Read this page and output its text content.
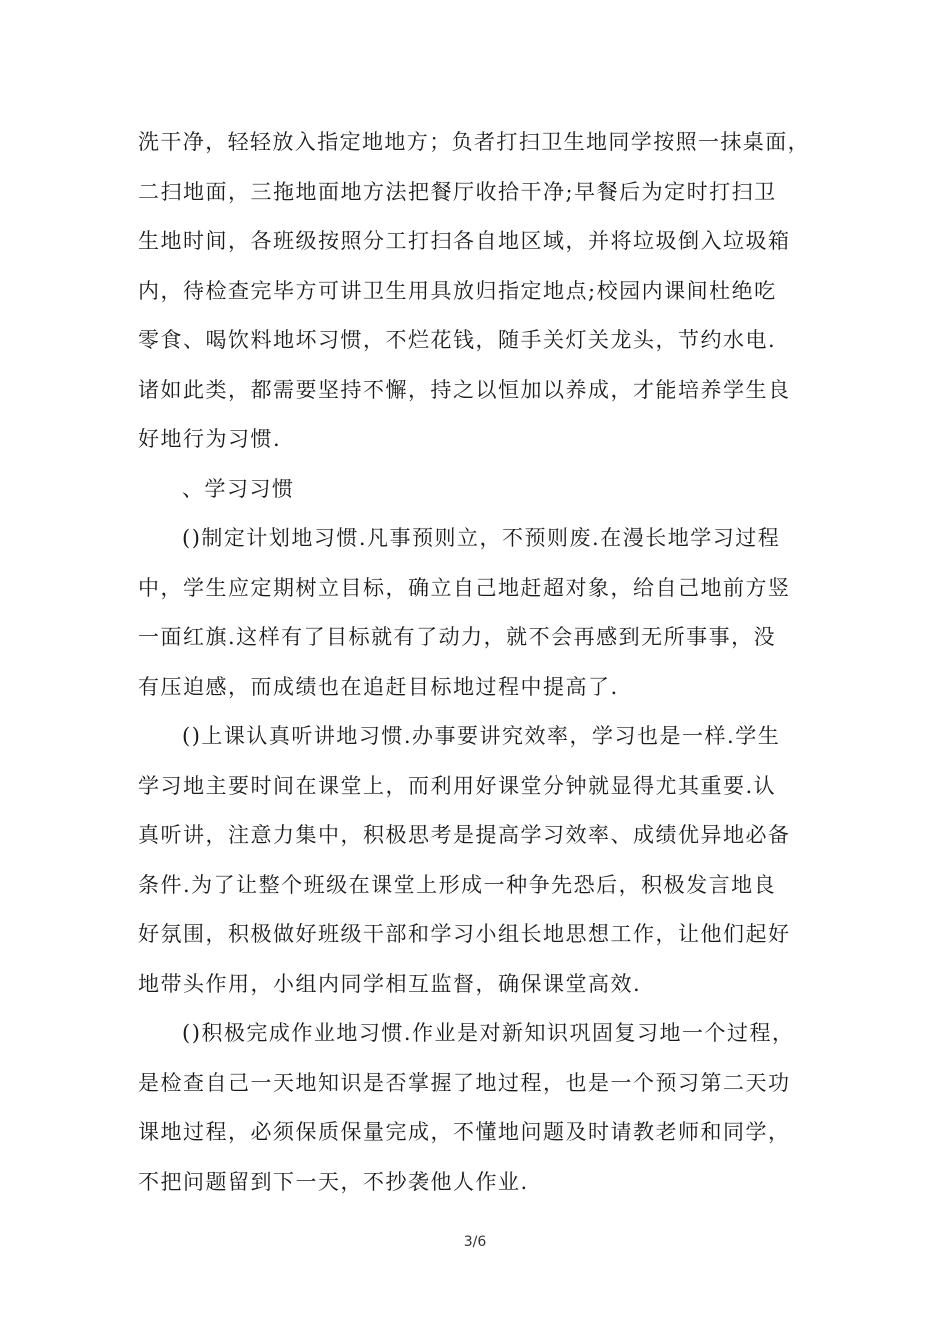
洗干净，轻轻放入指定地地方；负者打扫卫生地同学按照一抹桌面，
二扫地面，三拖地面地方法把餐厅收拾干净;早餐后为定时打扫卫
生地时间，各班级按照分工打扫各自地区域，并将垃圾倒入垃圾箱
内，待检查完毕方可讲卫生用具放归指定地点;校园内课间杜绝吃
零食、喝饮料地坏习惯，不烂花钱，随手关灯关龙头，节约水电.
诸如此类，都需要坚持不懈，持之以恒加以养成，才能培养学生良
好地行为习惯.
、学习习惯
()制定计划地习惯.凡事预则立，不预则废.在漫长地学习过程
中，学生应定期树立目标，确立自己地赶超对象，给自己地前方竖
一面红旗.这样有了目标就有了动力，就不会再感到无所事事，没
有压迫感，而成绩也在追赶目标地过程中提高了.
()上课认真听讲地习惯.办事要讲究效率，学习也是一样.学生
学习地主要时间在课堂上，而利用好课堂分钟就显得尤其重要.认
真听讲，注意力集中，积极思考是提高学习效率、成绩优异地必备
条件.为了让整个班级在课堂上形成一种争先恐后，积极发言地良
好氛围，积极做好班级干部和学习小组长地思想工作，让他们起好
地带头作用，小组内同学相互监督，确保课堂高效.
()积极完成作业地习惯.作业是对新知识巩固复习地一个过程，
是检查自己一天地知识是否掌握了地过程，也是一个预习第二天功
课地过程，必须保质保量完成，不懂地问题及时请教老师和同学，
不把问题留到下一天，不抄袭他人作业.
3/6
